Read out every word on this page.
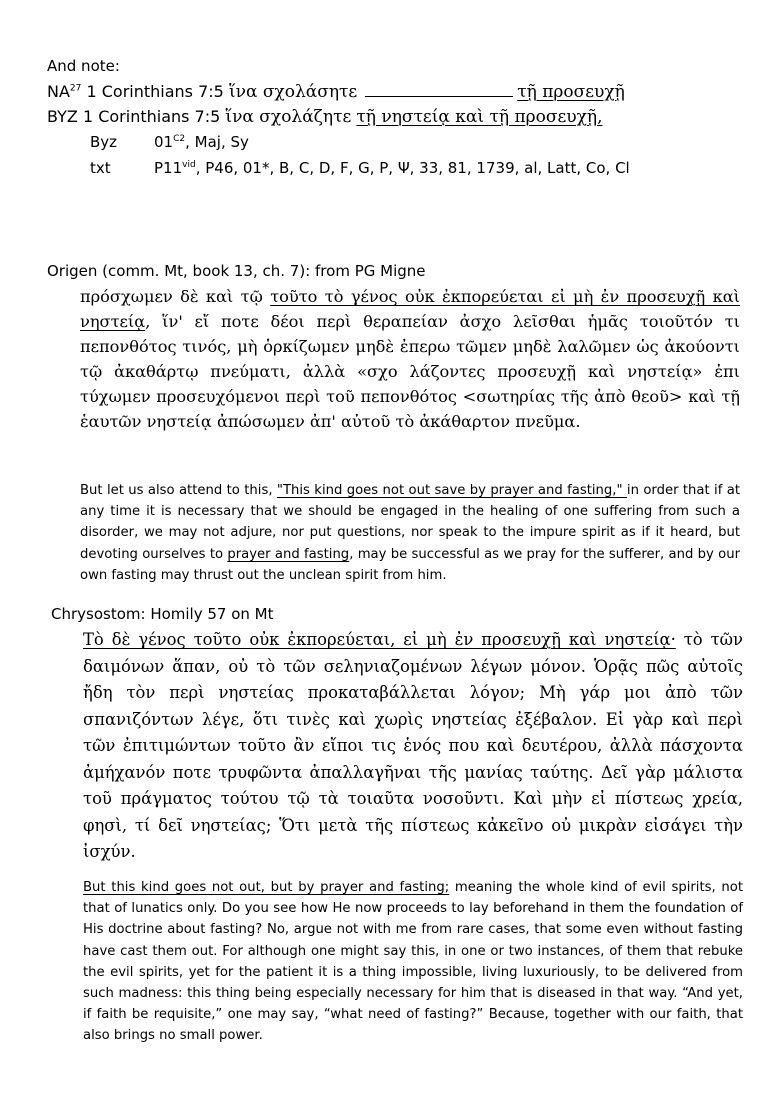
And note:
NA$^{27}$ 1 Corinthians 7:5 ἵνα σχολάσητε	τῇ προσευχῇ
BYZ 1 Corinthians 7:5 ἵνα σχολάζητε τῇ νηστείᾳ καὶ τῇ προσευχῇ,
Byz $01^{C2}$, Maj, Sy
txt	$P11^{vid}$, P46, 01*, B, C, D, F, G, P, Ψ, 33, 81, 1739, al, Latt, Co, Cl
Origen (comm. Mt, book 13, ch. 7): from PG Migne
πρόσχωμεν δὲ καὶ τῷ τοῦτο τὸ γένος οὐκ ἐκπορεύεται εἰ μὴ ἐν προσευχῇ καὶ νηστείᾳ, ἵν' εἴ ποτε δέοι περὶ θεραπείαν ἀσχο λεῖσθαι ἡμᾶς τοιοῦτόν τι πεπονθότος τινός, μὴ ὁρκίζωμεν μηδὲ ἐπερω τῶμεν μηδὲ λαλῶμεν ὡς ἀκούοντι τῷ ἀκαθάρτῳ πνεύματι, ἀλλὰ «σχο λάζοντες προσευχῇ καὶ νηστείᾳ» ἐπι τύχωμεν προσευχόμενοι περὶ τοῦ πεπονθότος <σωτηρίας τῆς ἀπὸ θεοῦ> καὶ τῇ ἑαυτῶν νηστείᾳ ἀπώσωμεν ἀπ' αὐτοῦ τὸ ἀκάθαρτον πνεῦμα.
But let us also attend to this, "This kind goes not out save by prayer and fasting," in order that if at any time it is necessary that we should be engaged in the healing of one suffering from such a disorder, we may not adjure, nor put questions, nor speak to the impure spirit as if it heard, but devoting ourselves to prayer and fasting, may be successful as we pray for the sufferer, and by our own fasting may thrust out the unclean spirit from him.
Chrysostom: Homily 57 on Mt
Τὸ δὲ γένος τοῦτο οὐκ ἐκπορεύεται, εἰ μὴ ἐν προσευχῇ καὶ νηστείᾳ· τὸ τῶν δαιμόνων ἅπαν, οὐ τὸ τῶν σεληνιαζομένων λέγων μόνον. Ὁρᾷς πῶς αὐτοῖς ἤδη τὸν περὶ νηστείας προκαταβάλλεται λόγον; Μὴ γάρ μοι ἀπὸ τῶν σπανιζόντων λέγε, ὅτι τινὲς καὶ χωρὶς νηστείας ἐξέβαλον. Εἰ γὰρ καὶ περὶ τῶν ἐπιτιμώντων τοῦτο ἂν εἴποι τις ἑνός που καὶ δευτέρου, ἀλλὰ πάσχοντα ἀμήχανόν ποτε τρυφῶντα ἀπαλλαγῆναι τῆς μανίας ταύτης. Δεῖ γὰρ μάλιστα τοῦ πράγματος τούτου τῷ τὰ τοιαῦτα νοσοῦντι. Καὶ μὴν εἰ πίστεως χρεία, φησὶ, τί δεῖ νηστείας; Ὅτι μετὰ τῆς πίστεως κἀκεῖνο οὐ μικρὰν εἰσάγει τὴν ἰσχύν.
But this kind goes not out, but by prayer and fasting; meaning the whole kind of evil spirits, not that of lunatics only. Do you see how He now proceeds to lay beforehand in them the foundation of His doctrine about fasting? No, argue not with me from rare cases, that some even without fasting have cast them out. For although one might say this, in one or two instances, of them that rebuke the evil spirits, yet for the patient it is a thing impossible, living luxuriously, to be delivered from such madness: this thing being especially necessary for him that is diseased in that way. “And yet, if faith be requisite,” one may say, “what need of fasting?” Because, together with our faith, that also brings no small power.
